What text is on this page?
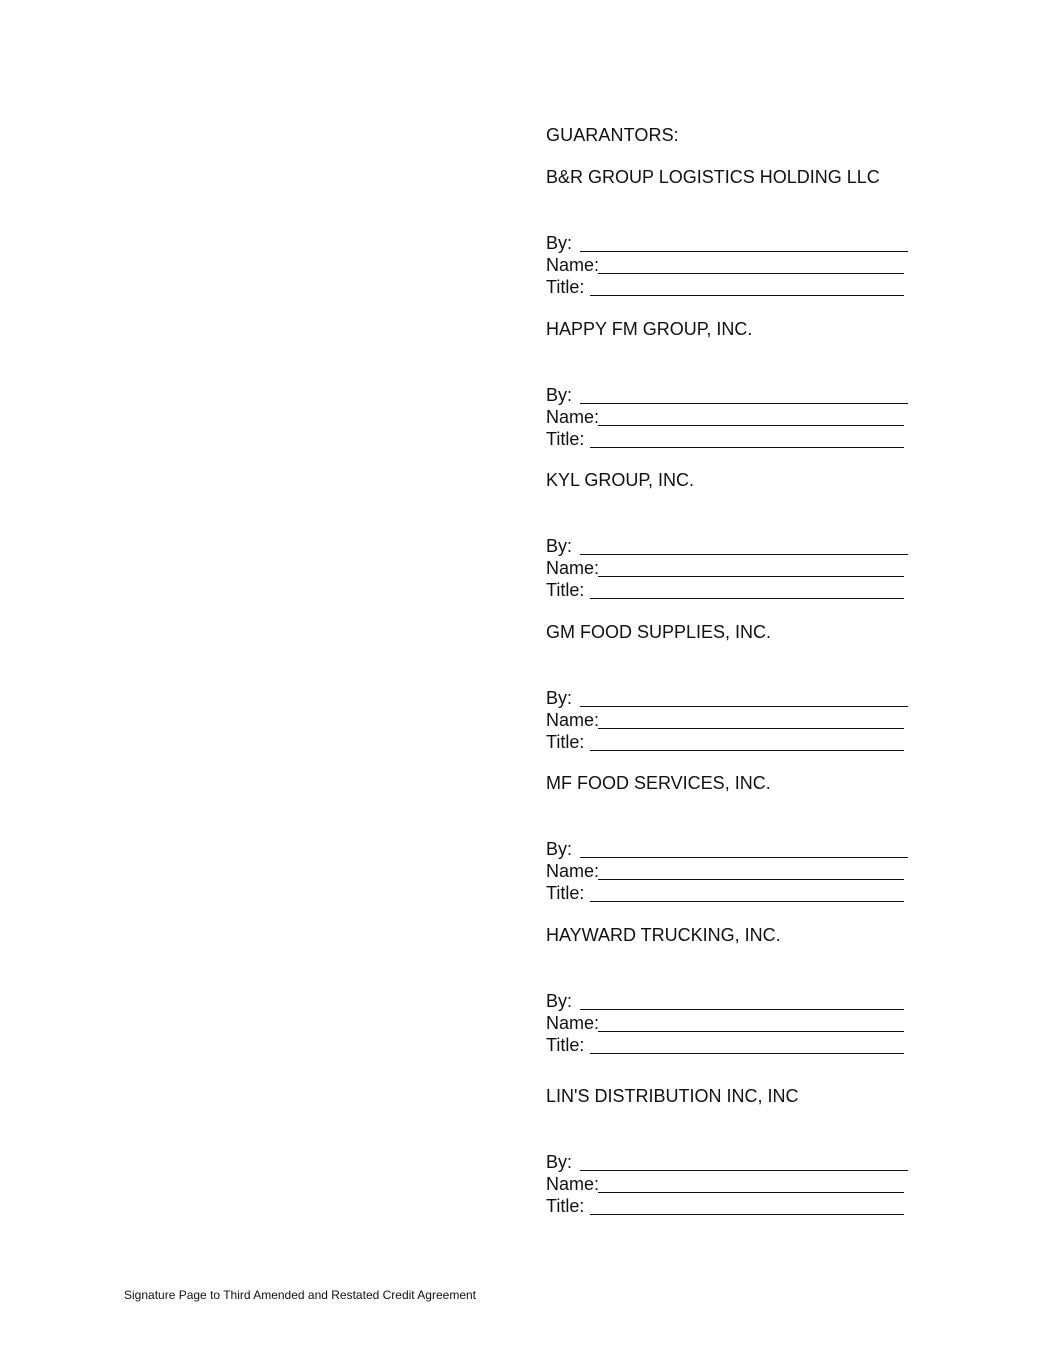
GUARANTORS:

B&R GROUP LOGISTICS HOLDING LLC
By:
Name:
Title:
HAPPY FM GROUP, INC.
By:
Name:
Title:
KYL GROUP, INC.
By:
Name:
Title:
GM FOOD SUPPLIES, INC.
By:
Name:
Title:
MF FOOD SERVICES, INC.
By:
Name:
Title:
HAYWARD TRUCKING, INC.
By:
Name:
Title:
LIN'S DISTRIBUTION INC, INC
By:
Name:
Title:
Signature Page to Third Amended and Restated Credit Agreement
